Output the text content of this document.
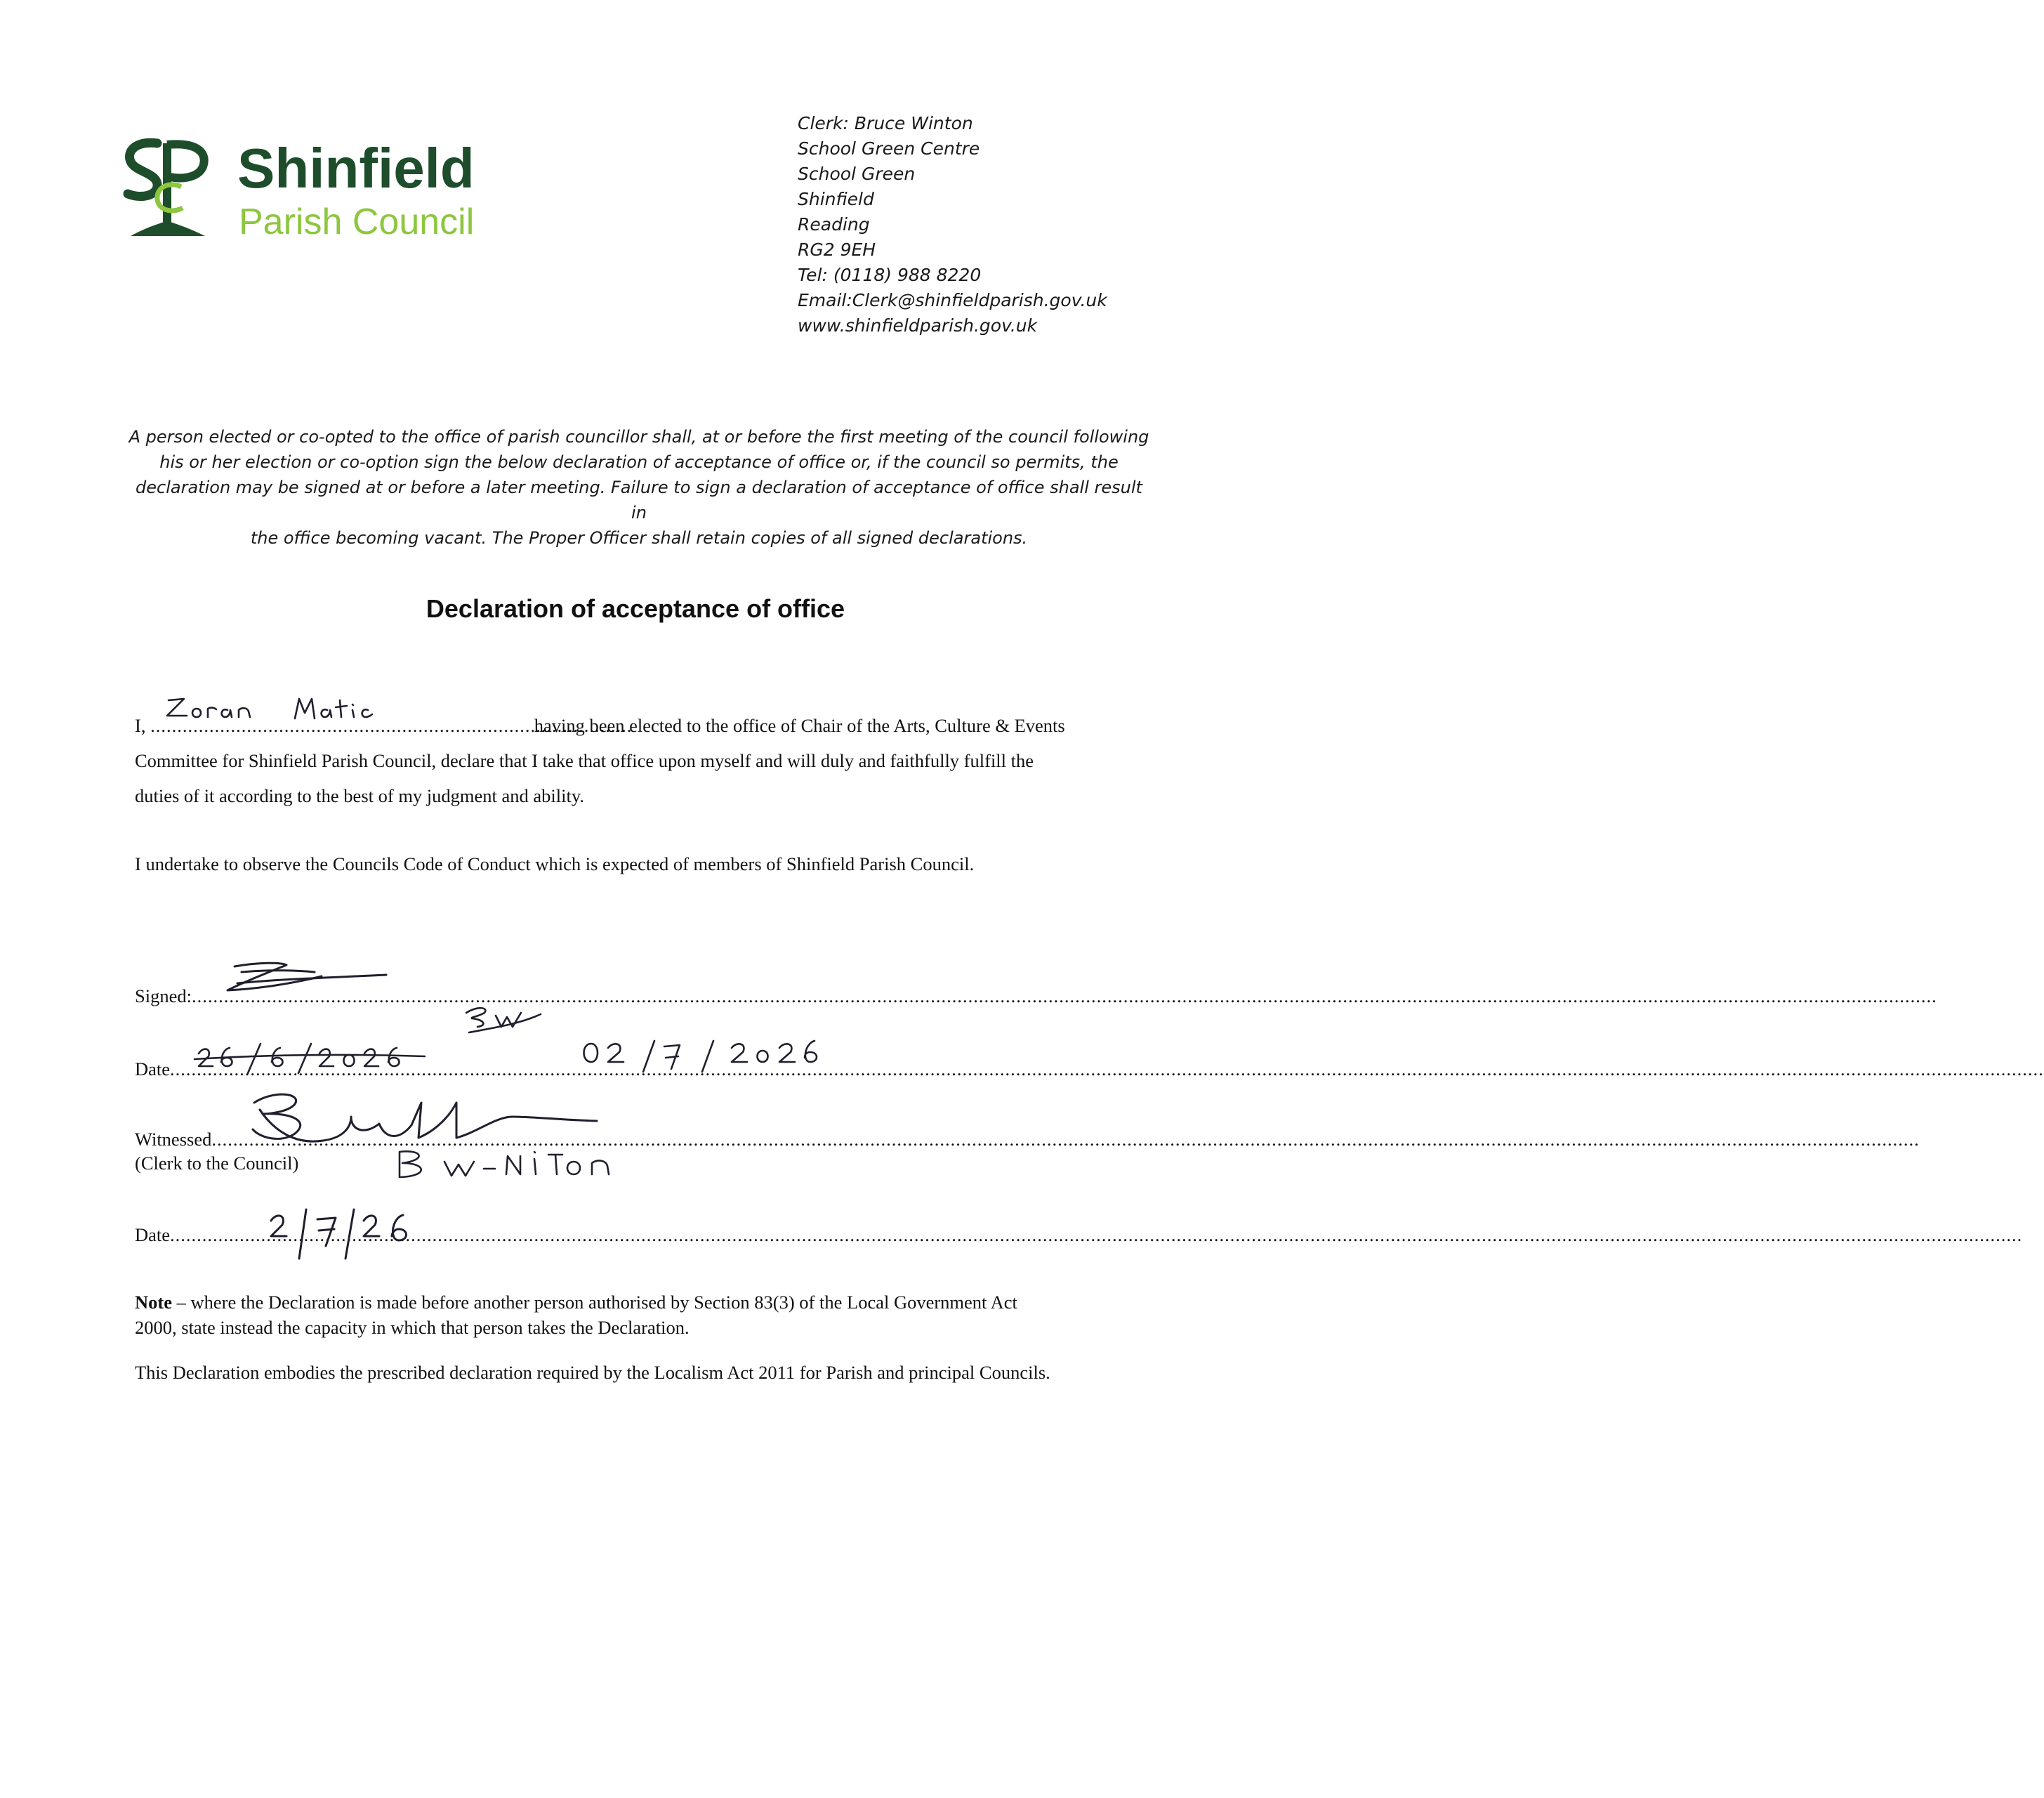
Shinfield
Parish Council
Clerk: Bruce Winton
School Green Centre
School Green
Shinfield
Reading
RG2 9EH
Tel: (0118) 988 8220
Email:Clerk@shinfieldparish.gov.uk
www.shinfieldparish.gov.uk
A person elected or co-opted to the office of parish councillor shall, at or before the first meeting of the council following
his or her election or co-option sign the below declaration of acceptance of office or, if the council so permits, the
declaration may be signed at or before a later meeting. Failure to sign a declaration of acceptance of office shall result in
the office becoming vacant. The Proper Officer shall retain copies of all signed declarations.
Declaration of acceptance of office
I, .......................................................................................... having been elected to the office of Chair of the Arts, Culture & Events
Committee for Shinfield Parish Council, declare that I take that office upon myself and will duly and faithfully fulfill the
duties of it according to the best of my judgment and ability.
I undertake to observe the Councils Code of Conduct which is expected of members of Shinfield Parish Council.
Signed:......................................................................................................................................................................................................................................................................................................................................
Date..............................................................................................................................................................................................................................................................................................................................................................
Witnessed...............................................................................................................................................................................................................................................................................................................................
(Clerk to the Council)
Date..........................................................................................................................................................................................................................................................................................................................................................
Note – where the Declaration is made before another person authorised by Section 83(3) of the Local Government Act
2000, state instead the capacity in which that person takes the Declaration.
This Declaration embodies the prescribed declaration required by the Localism Act 2011 for Parish and principal Councils.
